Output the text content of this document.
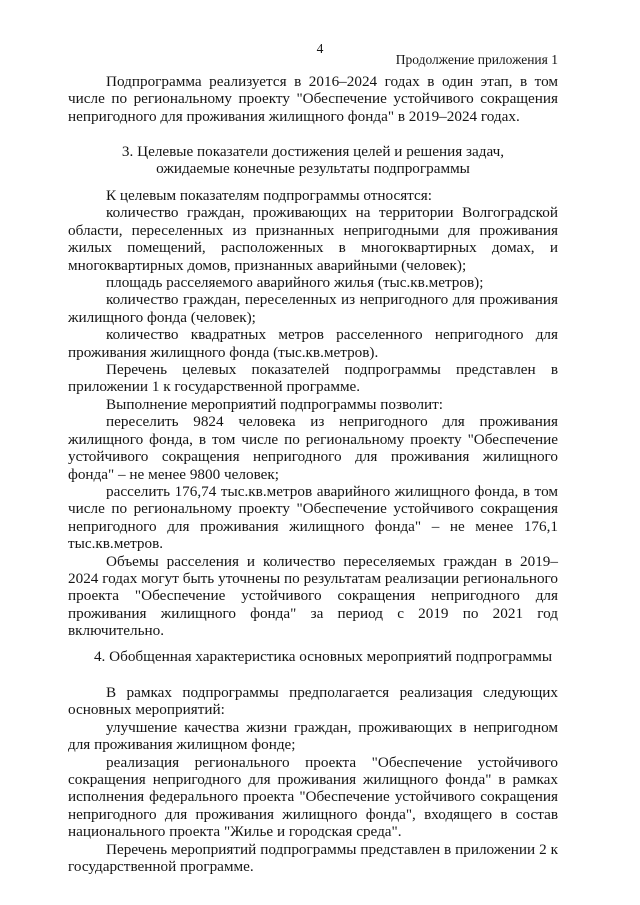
4
Продолжение приложения 1

Подпрограмма реализуется в 2016–2024 годах в один этап, в том числе по региональному проекту "Обеспечение устойчивого сокращения непригодного для проживания жилищного фонда" в 2019–2024 годах.

3. Целевые показатели достижения целей и решения задач,

ожидаемые конечные результаты подпрограммы

К целевым показателям подпрограммы относятся:

количество граждан, проживающих на территории Волгоградской области, переселенных из признанных непригодными для проживания жилых помещений, расположенных в многоквартирных домах, и многоквартирных домов, признанных аварийными (человек);

площадь расселяемого аварийного жилья (тыс.кв.метров);

количество граждан, переселенных из непригодного для проживания жилищного фонда (человек);

количество квадратных метров расселенного непригодного для проживания жилищного фонда (тыс.кв.метров).

Перечень целевых показателей подпрограммы представлен в приложении 1 к государственной программе.

Выполнение мероприятий подпрограммы позволит:

переселить 9824 человека из непригодного для проживания жилищного фонда, в том числе по региональному проекту "Обеспечение устойчивого сокращения непригодного для проживания жилищного фонда" – не менее 9800 человек;

расселить 176,74 тыс.кв.метров аварийного жилищного фонда, в том числе по региональному проекту "Обеспечение устойчивого сокращения непригодного для проживания жилищного фонда" – не менее 176,1 тыс.кв.метров.

Объемы расселения и количество переселяемых граждан в 2019–2024 годах могут быть уточнены по результатам реализации регионального проекта "Обеспечение устойчивого сокращения непригодного для проживания жилищного фонда" за период с 2019 по 2021 год включительно.

4. Обобщенная характеристика основных мероприятий подпрограммы

В рамках подпрограммы предполагается реализация следующих основных мероприятий:

улучшение качества жизни граждан, проживающих в непригодном для проживания жилищном фонде;

реализация регионального проекта "Обеспечение устойчивого сокращения непригодного для проживания жилищного фонда" в рамках исполнения федерального проекта "Обеспечение устойчивого сокращения непригодного для проживания жилищного фонда", входящего в состав национального проекта "Жилье и городская среда".

Перечень мероприятий подпрограммы представлен в приложении 2 к государственной программе.
